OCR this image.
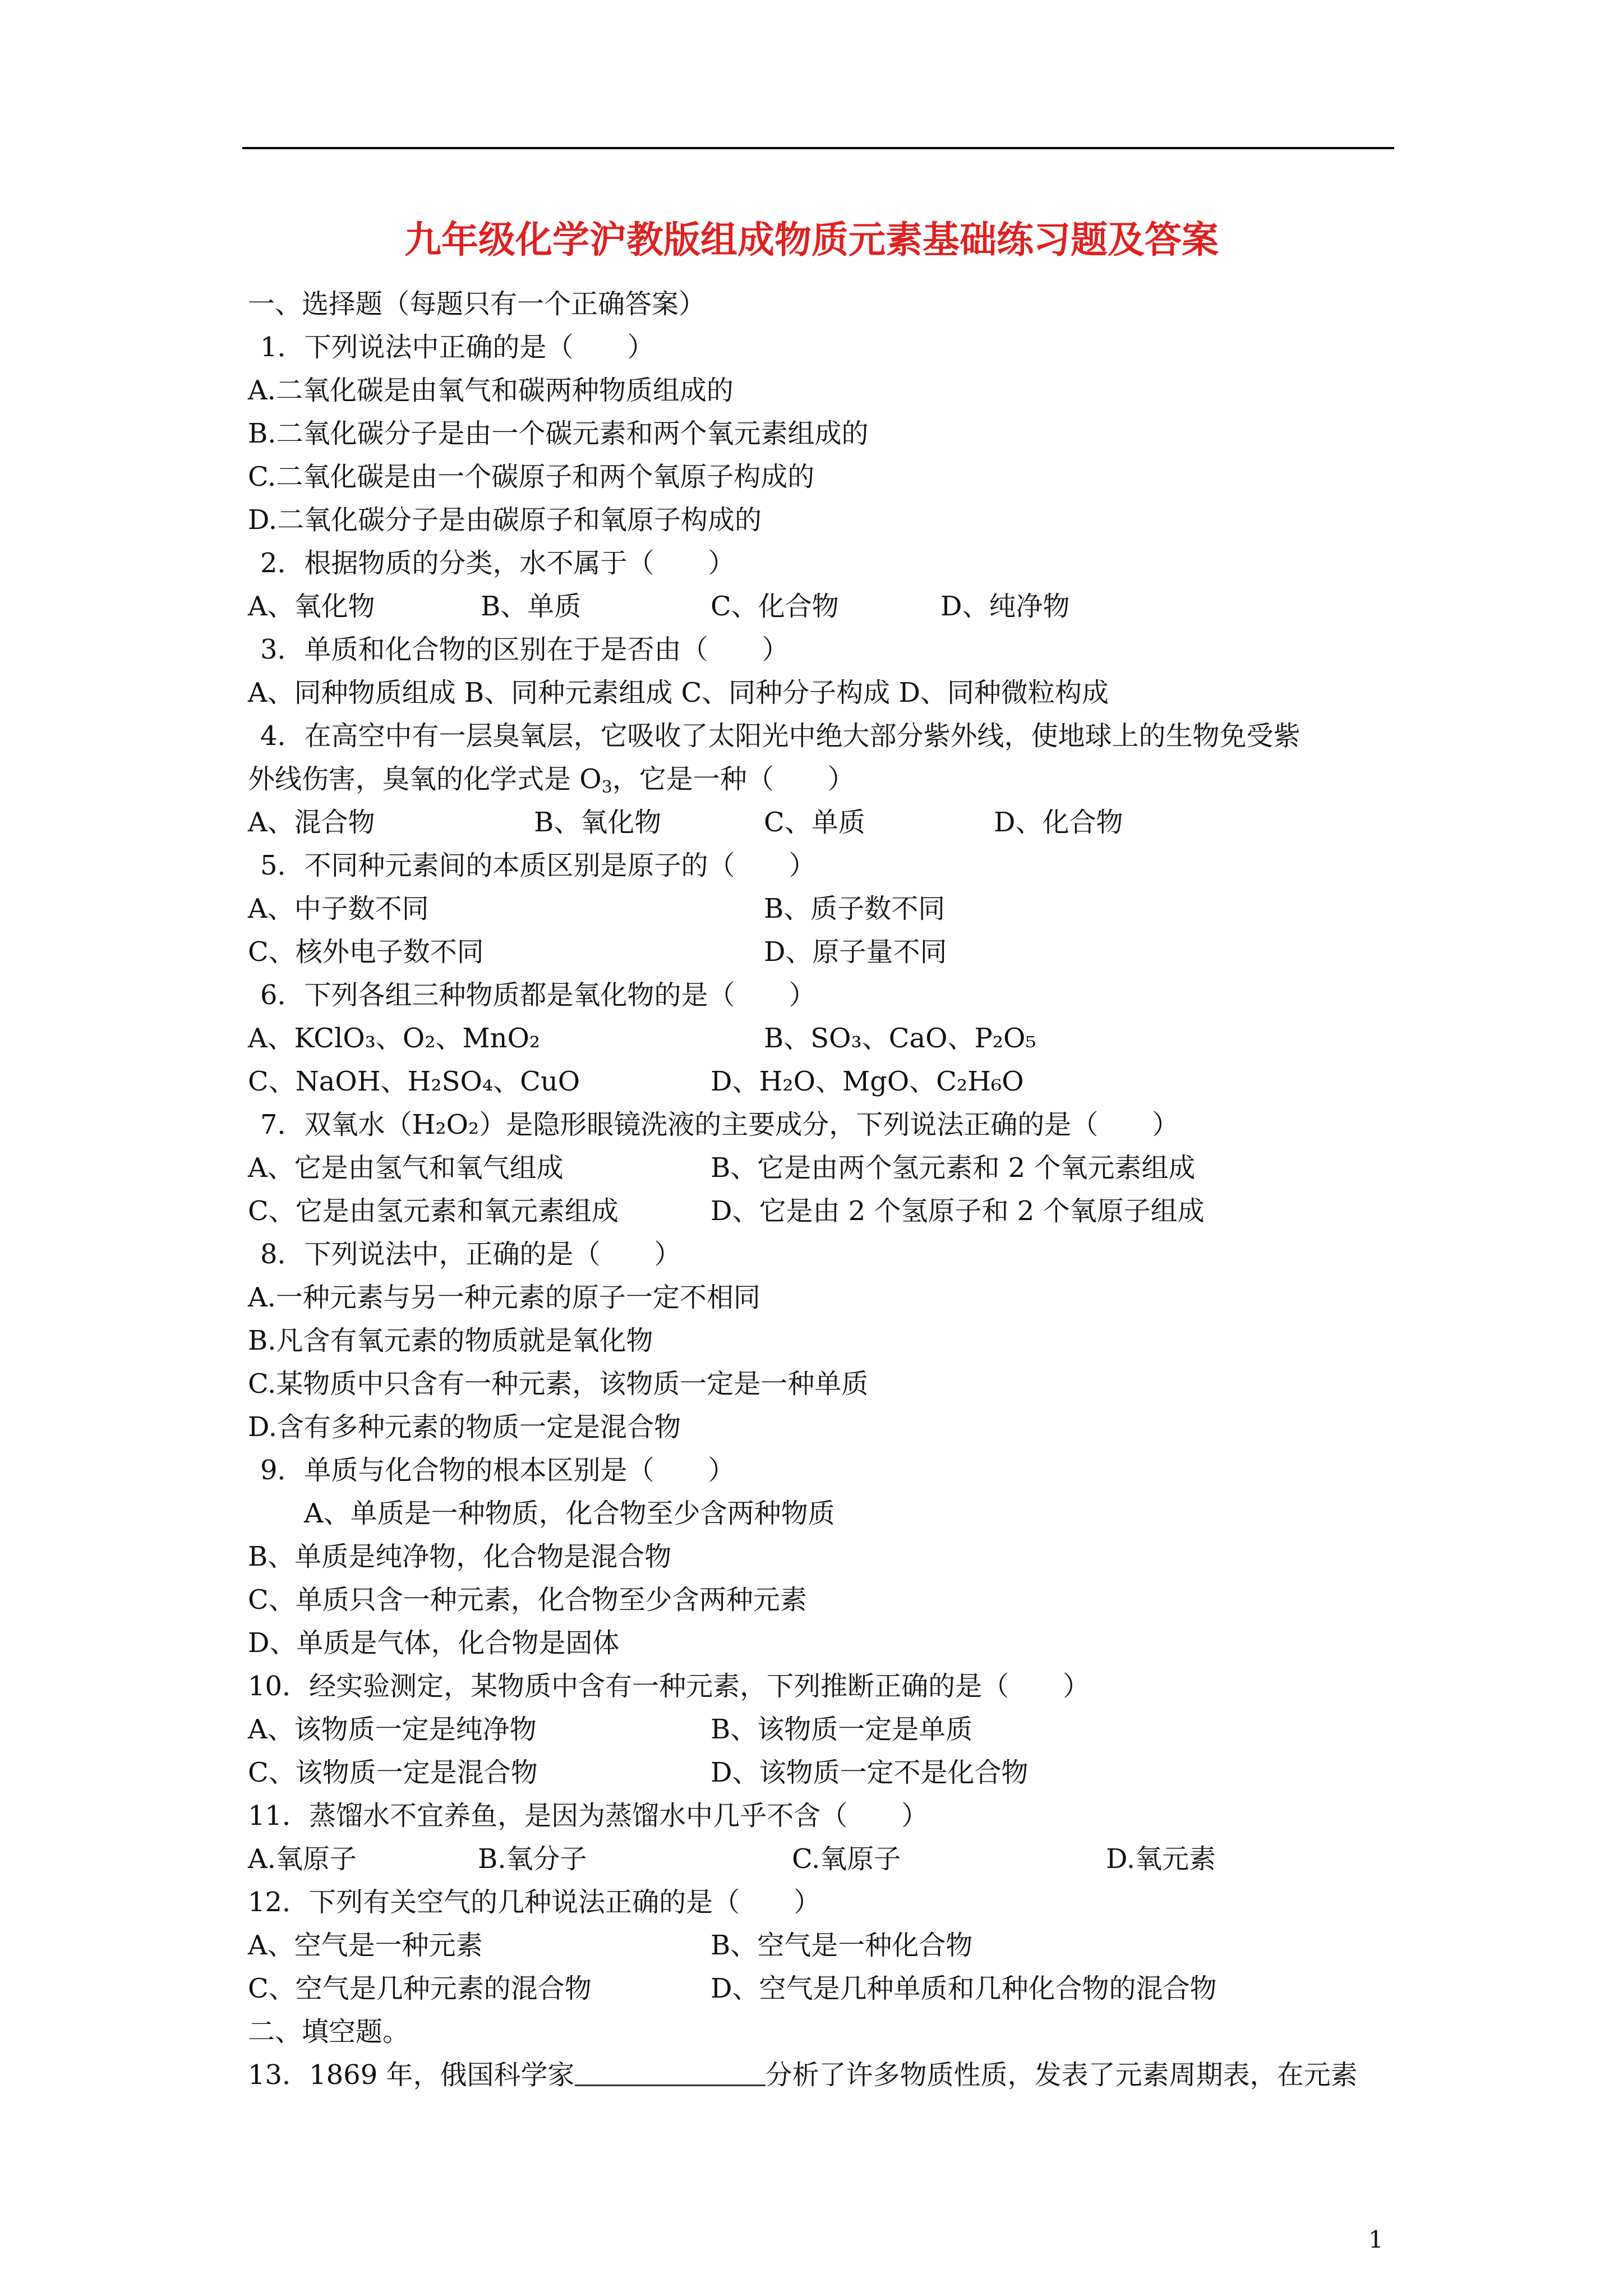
九年级化学沪教版组成物质元素基础练习题及答案
一、选择题（每题只有一个正确答案）
1．下列说法中正确的是（　　）
A.二氧化碳是由氧气和碳两种物质组成的
B.二氧化碳分子是由一个碳元素和两个氧元素组成的
C.二氧化碳是由一个碳原子和两个氧原子构成的
D.二氧化碳分子是由碳原子和氧原子构成的
2．根据物质的分类，水不属于（　　）
A、氧化物	B、单质	C、化合物	D、纯净物
3．单质和化合物的区别在于是否由（　　）
A、同种物质组成 B、同种元素组成 C、同种分子构成 D、同种微粒构成
4．在高空中有一层臭氧层，它吸收了太阳光中绝大部分紫外线，使地球上的生物免受紫
外线伤害，臭氧的化学式是 $O_3$，它是一种（　　）
A、混合物	B、氧化物	C、单质	D、化合物
5．不同种元素间的本质区别是原子的（　　）
A、中子数不同	B、质子数不同
C、核外电子数不同	D、原子量不同
6．下列各组三种物质都是氧化物的是（　　）
A、KClO₃、O₂、MnO₂	B、SO₃、CaO、P₂O₅
C、NaOH、H₂SO₄、CuO	D、H₂O、MgO、C₂H₆O
7．双氧水（H₂O₂）是隐形眼镜洗液的主要成分，下列说法正确的是（　　）
A、它是由氢气和氧气组成	B、它是由两个氢元素和 2 个氧元素组成
C、它是由氢元素和氧元素组成	D、它是由 2 个氢原子和 2 个氧原子组成
8．下列说法中，正确的是（　　）
A.一种元素与另一种元素的原子一定不相同
B.凡含有氧元素的物质就是氧化物
C.某物质中只含有一种元素，该物质一定是一种单质
D.含有多种元素的物质一定是混合物
9．单质与化合物的根本区别是（　　）
A、单质是一种物质，化合物至少含两种物质
B、单质是纯净物，化合物是混合物
C、单质只含一种元素，化合物至少含两种元素
D、单质是气体，化合物是固体
10．经实验测定，某物质中含有一种元素，下列推断正确的是（　　）
A、该物质一定是纯净物	B、该物质一定是单质
C、该物质一定是混合物	D、该物质一定不是化合物
11．蒸馏水不宜养鱼，是因为蒸馏水中几乎不含（　　）
A.氧原子	B.氧分子	C.氧原子	D.氧元素
12．下列有关空气的几种说法正确的是（　　）
A、空气是一种元素	B、空气是一种化合物
C、空气是几种元素的混合物	D、空气是几种单质和几种化合物的混合物
二、填空题。
13．1869 年，俄国科学家	分析了许多物质性质，发表了元素周期表，在元素
1
